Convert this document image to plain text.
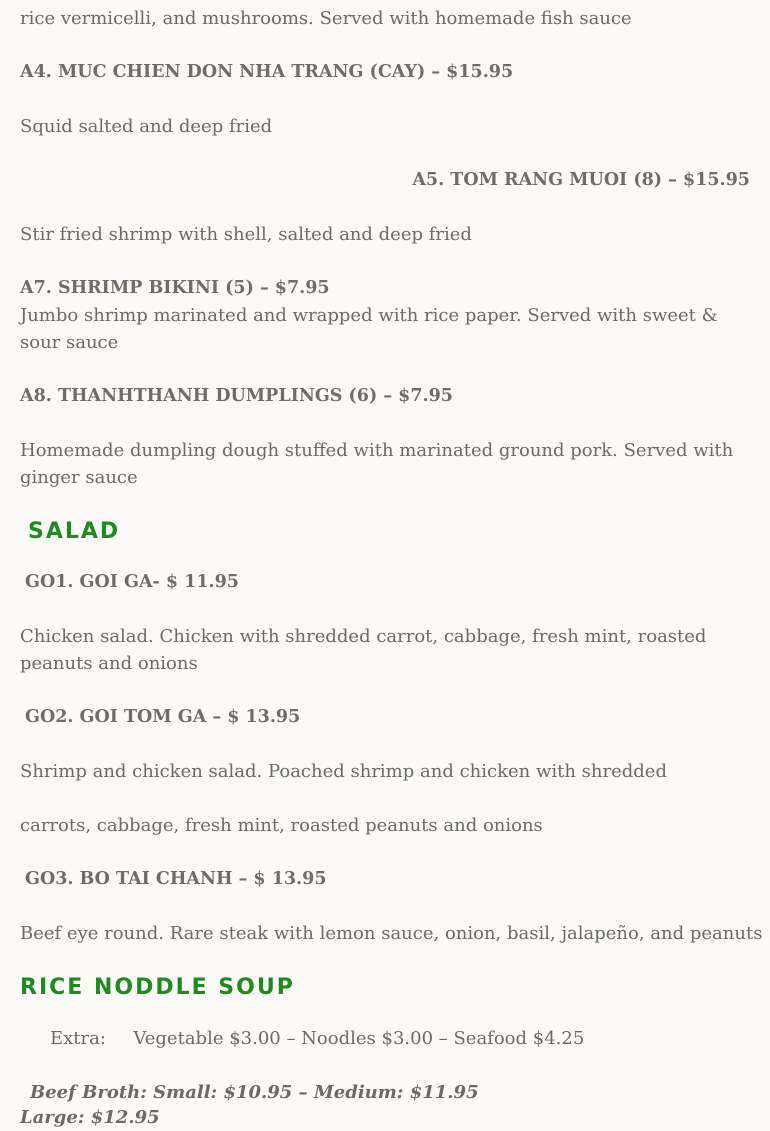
rice vermicelli, and mushrooms. Served with homemade fish sauce
A4. MUC CHIEN DON NHA TRANG (CAY) – $15.95
Squid salted and deep fried
A5. TOM RANG MUOI (8) – $15.95
Stir fried shrimp with shell, salted and deep fried
A7. SHRIMP BIKINI (5) – $7.95
Jumbo shrimp marinated and wrapped with rice paper. Served with sweet & sour sauce
A8. THANHTHANH DUMPLINGS (6) – $7.95
Homemade dumpling dough stuffed with marinated ground pork. Served with ginger sauce
SALAD
GO1. GOI GA- $ 11.95
Chicken salad. Chicken with shredded carrot, cabbage, fresh mint, roasted peanuts and onions
GO2. GOI TOM GA – $ 13.95
Shrimp and chicken salad. Poached shrimp and chicken with shredded
carrots, cabbage, fresh mint, roasted peanuts and onions
GO3. BO TAI CHANH – $ 13.95
Beef eye round. Rare steak with lemon sauce, onion, basil, jalapeño, and peanuts
RICE NODDLE SOUP
Extra: Vegetable $3.00 – Noodles $3.00 – Seafood $4.25
Beef Broth: Small: $10.95 – Medium: $11.95
Large: $12.95
